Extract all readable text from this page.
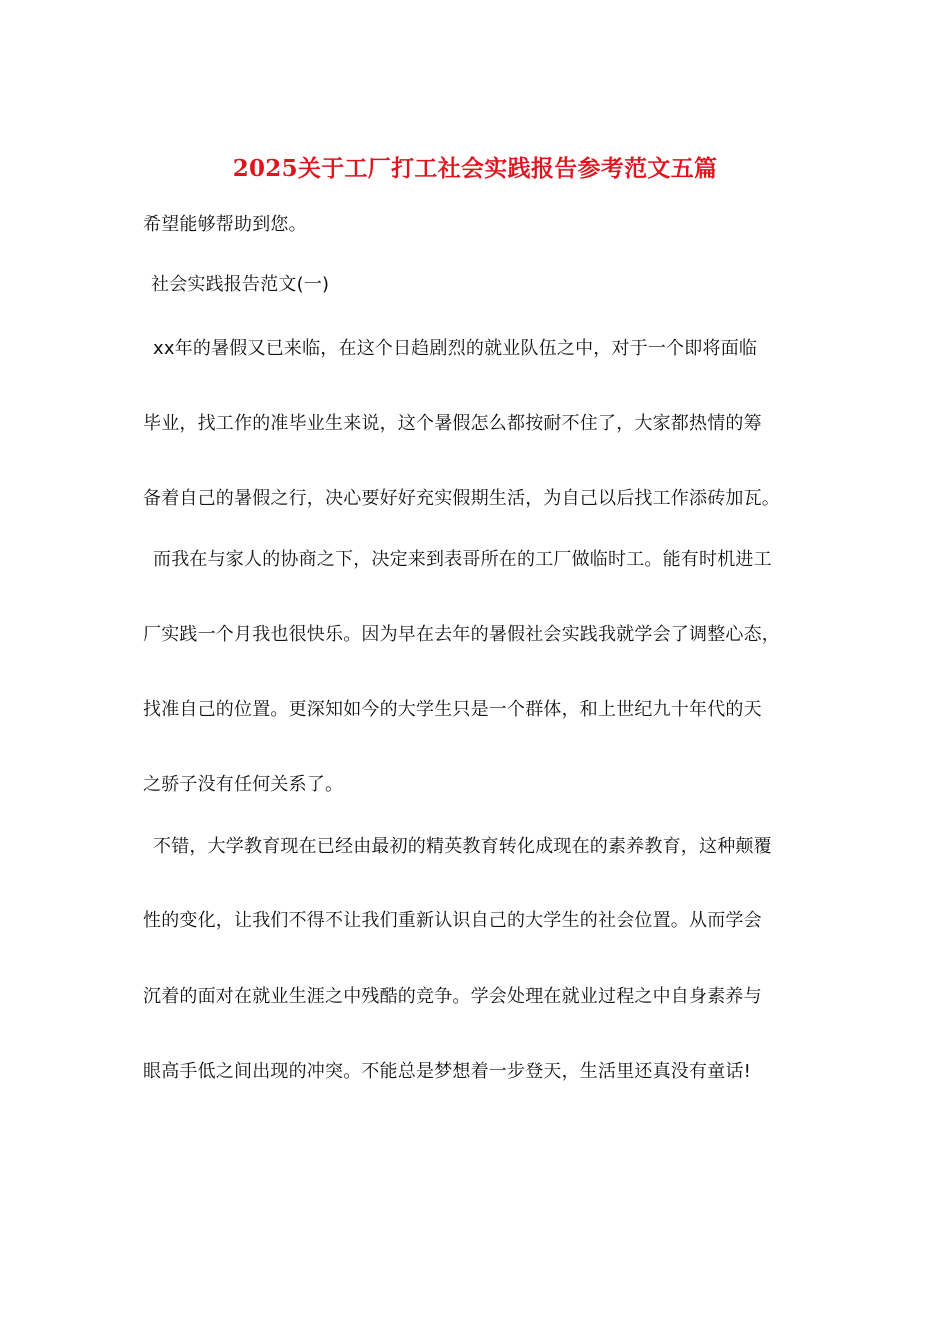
2025关于工厂打工社会实践报告参考范文五篇
希望能够帮助到您。
社会实践报告范文(一)
xx年的暑假又已来临，在这个日趋剧烈的就业队伍之中，对于一个即将面临
毕业，找工作的准毕业生来说，这个暑假怎么都按耐不住了，大家都热情的筹
备着自己的暑假之行，决心要好好充实假期生活，为自己以后找工作添砖加瓦。
而我在与家人的协商之下，决定来到表哥所在的工厂做临时工。能有时机进工
厂实践一个月我也很快乐。因为早在去年的暑假社会实践我就学会了调整心态，
找准自己的位置。更深知如今的大学生只是一个群体，和上世纪九十年代的天
之骄子没有任何关系了。
不错，大学教育现在已经由最初的精英教育转化成现在的素养教育，这种颠覆
性的变化，让我们不得不让我们重新认识自己的大学生的社会位置。从而学会
沉着的面对在就业生涯之中残酷的竞争。学会处理在就业过程之中自身素养与
眼高手低之间出现的冲突。不能总是梦想着一步登天，生活里还真没有童话!
